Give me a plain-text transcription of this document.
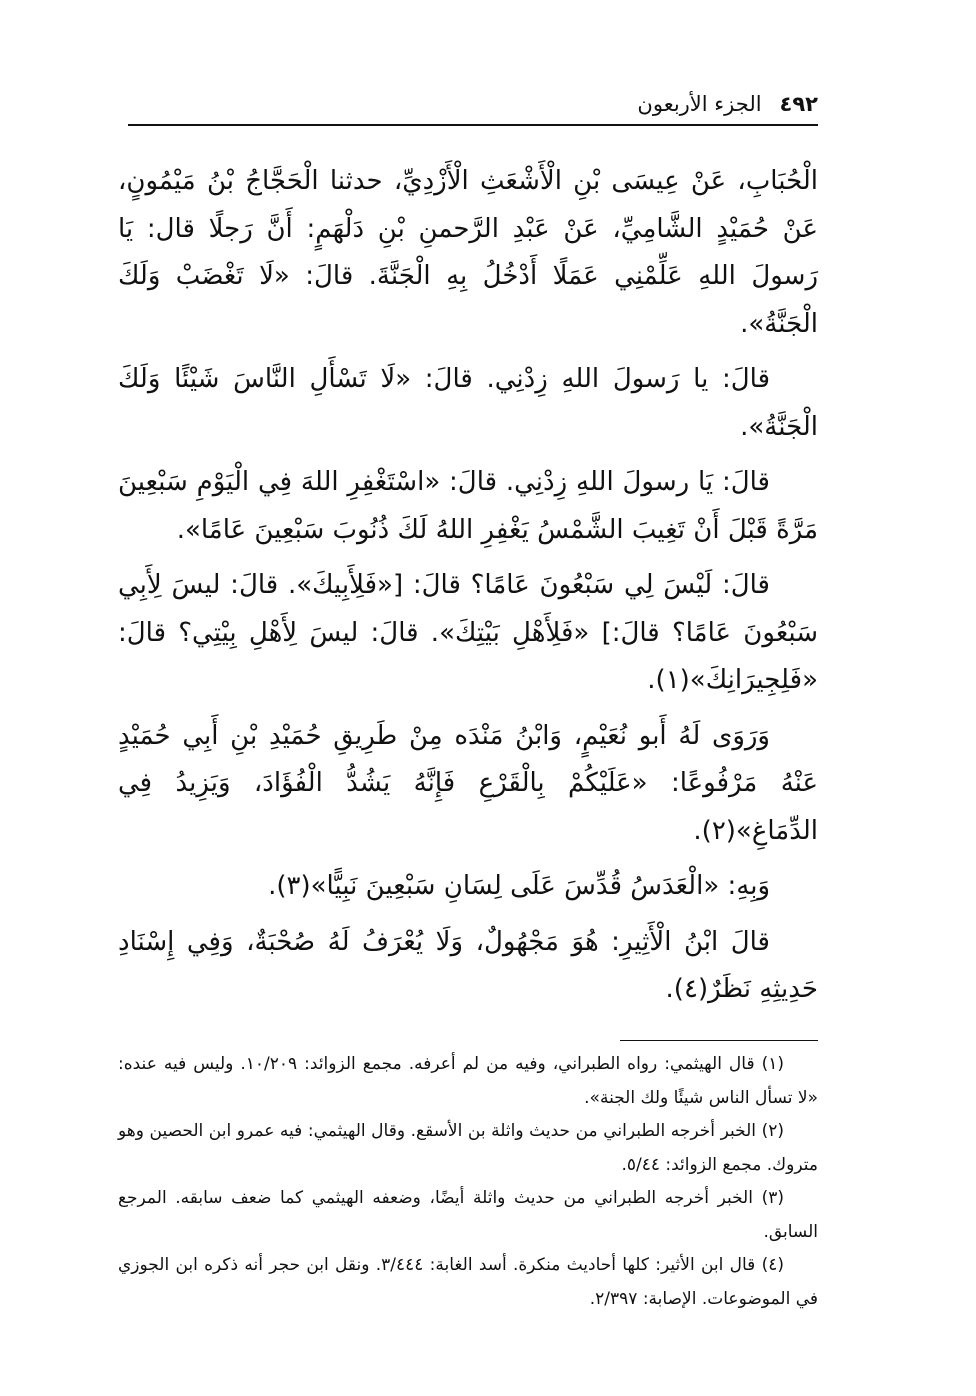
٤٩٢
الجزء الأربعون

الْحُبَابِ، عَنْ عِيسَى بْنِ الْأَشْعَثِ الْأَزْدِيِّ، حدثنا الْحَجَّاجُ بْنُ مَيْمُونٍ، عَنْ حُمَيْدٍ الشَّامِيِّ، عَنْ عَبْدِ الرَّحمنِ بْنِ دَلْهَمٍ: أَنَّ رَجلًا قال: يَا رَسولَ اللهِ عَلِّمْنِي عَمَلًا أَدْخُلُ بِهِ الْجَنَّةَ. قالَ: «لَا تَغْضَبْ وَلَكَ الْجَنَّةُ».

قالَ: يا رَسولَ اللهِ زِدْنِي. قالَ: «لَا تَسْأَلِ النَّاسَ شَيْئًا وَلَكَ الْجَنَّةُ».

قالَ: يَا رسولَ اللهِ زِدْنِي. قالَ: «اسْتَغْفِرِ اللهَ فِي الْيَوْمِ سَبْعِينَ مَرَّةً قَبْلَ أَنْ تَغِيبَ الشَّمْسُ يَغْفِرِ اللهُ لَكَ ذُنُوبَ سَبْعِينَ عَامًا».

قالَ: لَيْسَ لِي سَبْعُونَ عَامًا؟ قالَ: [«فَلِأَبِيكَ». قالَ: ليسَ لِأَبِي سَبْعُونَ عَامًا؟ قالَ:] «فَلِأَهْلِ بَيْتِكَ». قالَ: ليسَ لِأَهْلِ بِيْتِي؟ قالَ: «فَلِجِيرَانِكَ»(١).

وَرَوَى لَهُ أَبو نُعَيْمٍ، وَابْنُ مَنْدَه مِنْ طَرِيقِ حُمَيْدِ بْنِ أَبِي حُمَيْدٍ عَنْهُ مَرْفُوعًا: «عَلَيْكُمْ بِالْقَرْعِ فَإِنَّهُ يَشُدُّ الْفُؤَادَ، وَيَزِيدُ فِي الدِّمَاغِ»(٢).

وَبِهِ: «الْعَدَسُ قُدِّسَ عَلَى لِسَانِ سَبْعِينَ نَبِيًّا»(٣).

قالَ ابْنُ الْأَثِيرِ: هُوَ مَجْهُولٌ، وَلَا يُعْرَفُ لَهُ صُحْبَةٌ، وَفِي إِسْنَادِ حَدِيثِهِ نَظَرٌ(٤).

(١) قال الهيثمي: رواه الطبراني، وفيه من لم أعرفه. مجمع الزوائد: ١٠/٢٠٩. وليس فيه عنده: «لا تسأل الناس شيئًا ولك الجنة».

(٢) الخبر أخرجه الطبراني من حديث واثلة بن الأسقع. وقال الهيثمي: فيه عمرو ابن الحصين وهو متروك. مجمع الزوائد: ٥/٤٤.

(٣) الخبر أخرجه الطبراني من حديث واثلة أيضًا، وضعفه الهيثمي كما ضعف سابقه. المرجع السابق.

(٤) قال ابن الأثير: كلها أحاديث منكرة. أسد الغابة: ٣/٤٤٤. ونقل ابن حجر أنه ذكره ابن الجوزي في الموضوعات. الإصابة: ٢/٣٩٧.
